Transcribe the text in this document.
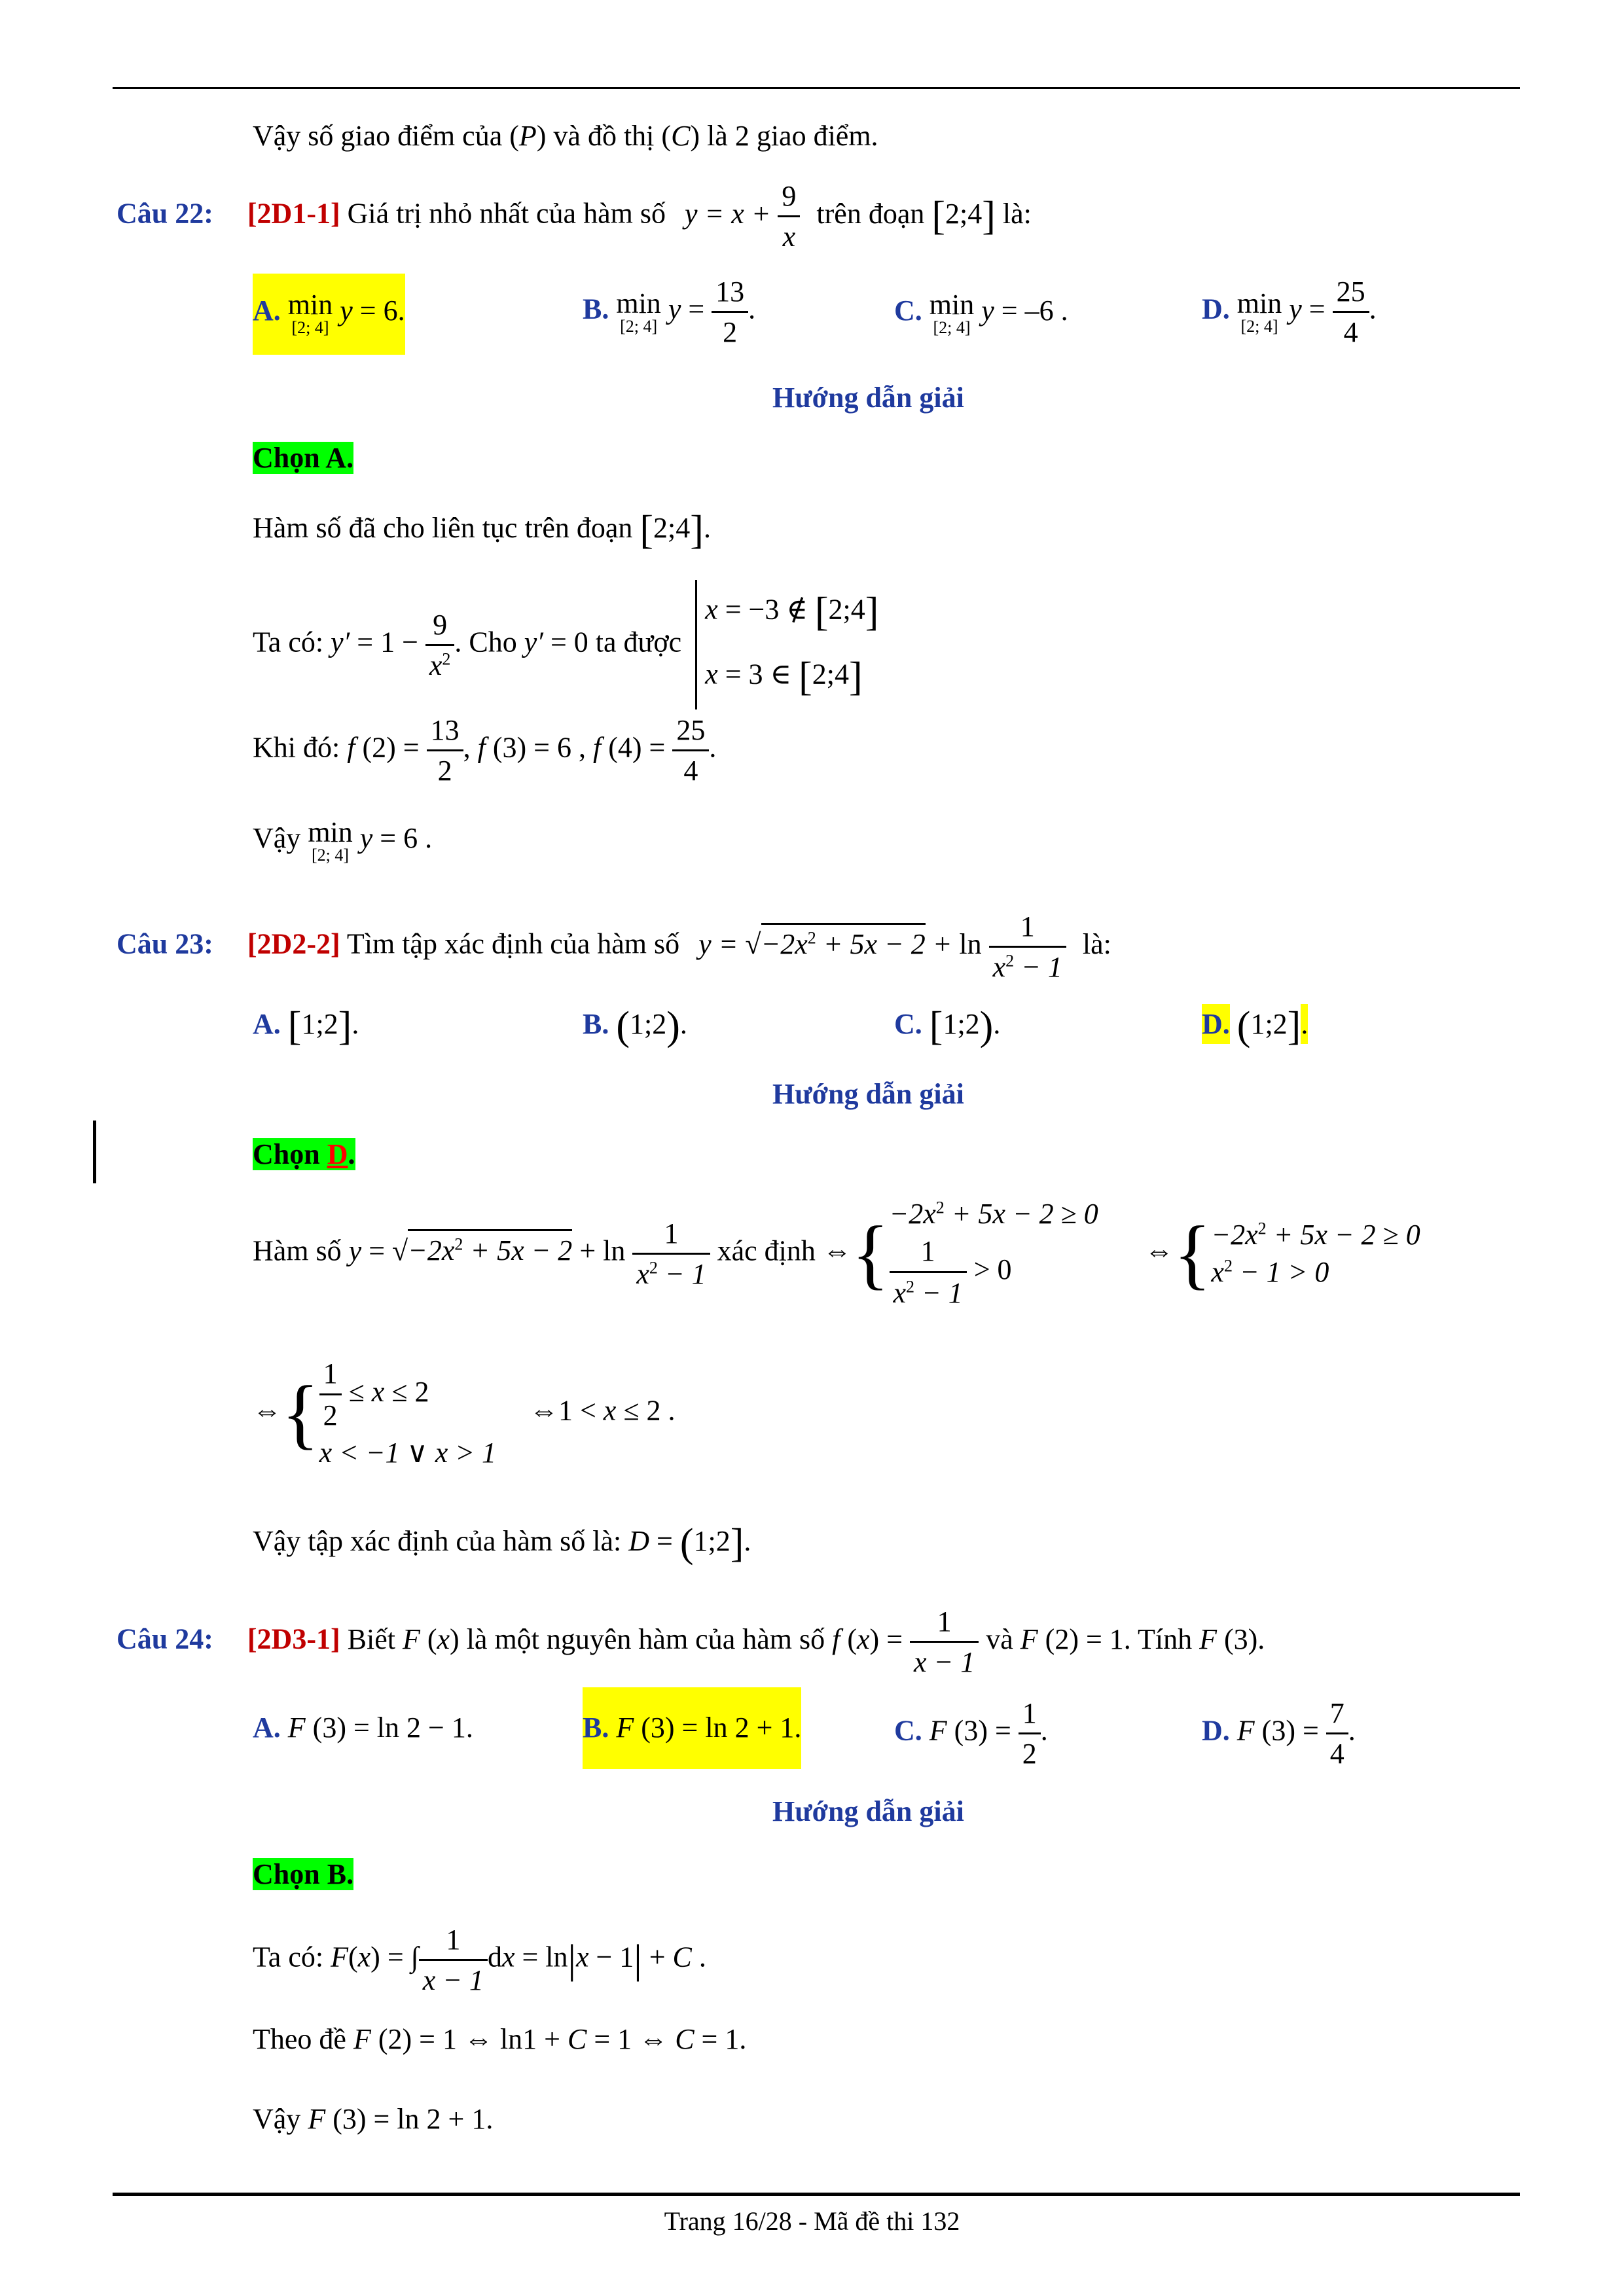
Vậy số giao điểm của (P) và đồ thị (C) là 2 giao điểm.
Câu 22: [2D1-1] Giá trị nhỏ nhất của hàm số $y = x + \frac{9}{x}$ trên đoạn [2;4] là:
A. min
[2; 4]
y = 6.	B. min
[2; 4]
$y = \frac{13}{2}$ .	C. min
[2; 4]
y = –6 .	D. min
[2; 4]
$y = \frac{25}{4}$ .
Hướng dẫn giải
Chọn A.
Hàm số đã cho liên tục trên đoạn [2;4].
Ta có: $y' = 1 - \frac{9}{x^2}$ . Cho y′ = 0 ta được
x = −3 ∉ [2;4]
x = 3 ∈ [2;4]
Khi đó: f $(2) = \frac{13}{2}$ , f (3) = 6 , f $(4) = \frac{25}{4}$ .
Vậy min
[2; 4]
y = 6 .
Câu 23: [2D2-2] Tìm tập xác định của hàm số $y = √-2x^2 + 5x - 2 + \ln \frac{1}{x^2 - 1}$ là:
A. [1;2].	B. (1;2).	C. [1;2).	D. (1;2].
Hướng dẫn giải
Chọn D.
Hàm số $y = √-2x^2 + 5x - 2 + \ln \frac{1}{x^2 - 1}$ xác định ⇔{ $-2x^2 + 5x - 2 \ge 0$
$\frac{1}{x^2 - 1} > 0$
⇔{ $-2x^2 + 5x - 2 \ge 0$
$x^2 - 1 > 0$
⇔{ $\frac{1}{2} \le x \le 2$
x < −1 ∨ x > 1
⇔1 < x ≤ 2 .
Vậy tập xác định của hàm số là: D = (1;2].
Câu 24: [2D3-1] Biết F (x) là một nguyên hàm của hàm số f $(x) = \frac{1}{x - 1}$ và F (2) = 1. Tính F (3).
A. F (3) = ln 2 − 1.	B. F (3) = ln 2 + 1.	C. F $(3) = \frac{1}{2}$ .	D. F $(3) = \frac{7}{4}$ .
Hướng dẫn giải
Chọn B.
Ta có: F(x) = ∫ $\frac{1}{x - 1}$ dx = ln|x − 1| + C .
Theo đề F (2) = 1 ⇔ ln1 + C = 1 ⇔ C = 1.
Vậy F (3) = ln 2 + 1.
Trang 16/28 - Mã đề thi 132
